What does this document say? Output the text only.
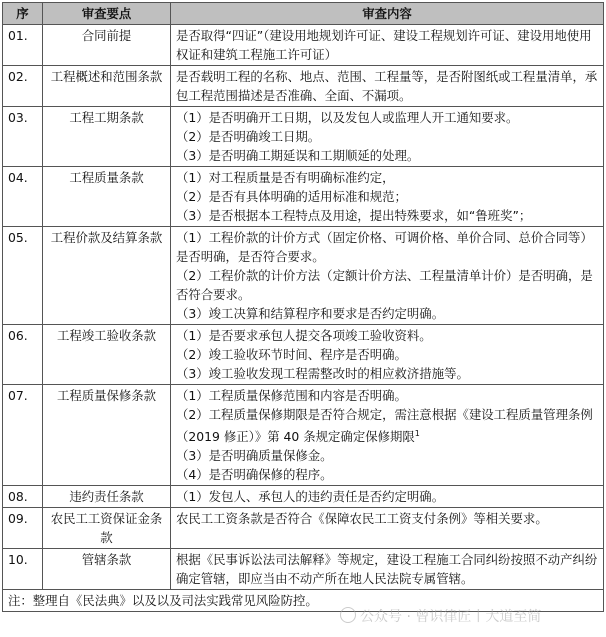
序	审查要点	审查内容
01.	合同前提	是否取得“四证”（建设用地规划许可证、建设工程规划许可证、建设用地使用权证和建筑工程施工许可证）

02.	工程概述和范围条款	是否载明工程的名称、地点、范围、工程量等，是否附图纸或工程量清单，承包工程范围描述是否准确、全面、不漏项。

03.	工程工期条款	（1）是否明确开工日期，以及发包人或监理人开工通知要求。
（2）是否明确竣工日期。
（3）是否明确工期延误和工期顺延的处理。

04.	工程质量条款	（1）对工程质量是否有明确标准约定，
（2）是否有具体明确的适用标准和规范；
（3）是否根据本工程特点及用途，提出特殊要求，如“鲁班奖”；

05.	工程价款及结算条款	（1）工程价款的计价方式（固定价格、可调价格、单价合同、总价合同等）是否明确，是否符合要求。
（2）工程价款的计价方法（定额计价方法、工程量清单计价）是否明确，是否符合要求。
（3）竣工决算和结算程序和要求是否约定明确。

06.	工程竣工验收条款	（1）是否要求承包人提交各项竣工验收资料。
（2）竣工验收环节时间、程序是否明确。
（3）竣工验收发现工程需整改时的相应救济措施等。

07.	工程质量保修条款	（1）工程质量保修范围和内容是否明确。
（2）工程质量保修期限是否符合规定，需注意根据《建设工程质量管理条例（2019 修正）》第 40 条规定确定保修期限$^1$
（3）是否明确质量保修金。
（4）是否明确保修的程序。

08.	违约责任条款	（1）发包人、承包人的违约责任是否约定明确。

09.	农民工工资保证金条款	农民工工资条款是否符合《保障农民工工资支付条例》等相关要求。

10.	管辖条款	根据《民事诉讼法司法解释》等规定，建设工程施工合同纠纷按照不动产纠纷确定管辖，即应当由不动产所在地人民法院专属管辖。

注：整理自《民法典》以及以及司法实践常见风险防控。		
公众号 · 曾识律匠丨大道至简
